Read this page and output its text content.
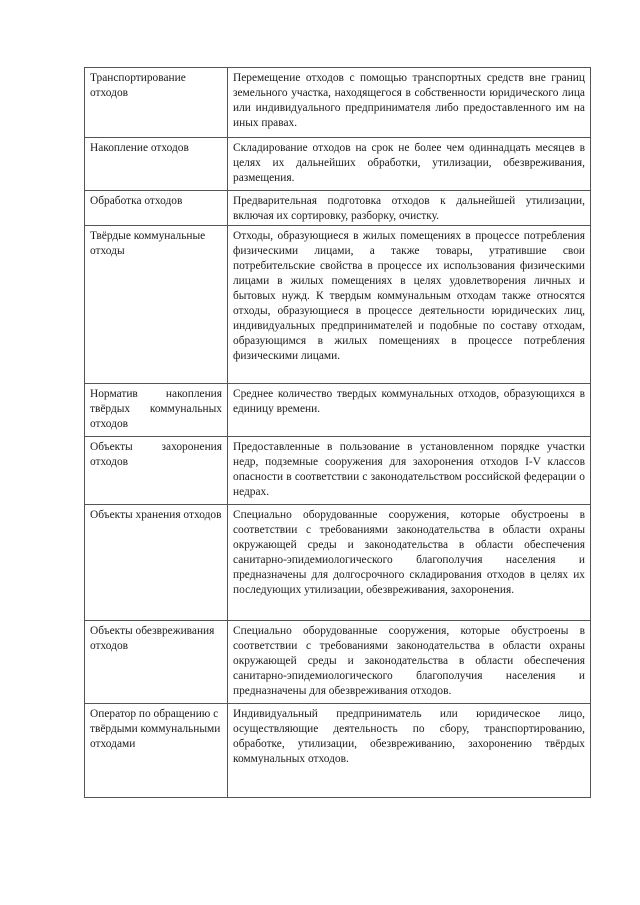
Транспортирование отходов	Перемещение отходов с помощью транспортных средств вне границ земельного участка, находящегося в собственности юридического лица или индивидуального предпринимателя либо предоставленного им на иных правах.
Накопление отходов	Складирование отходов на срок не более чем одиннадцать месяцев в целях их дальнейших обработки, утилизации, обезвреживания, размещения.
Обработка отходов	Предварительная подготовка отходов к дальнейшей утилизации, включая их сортировку, разборку, очистку.

Твёрдые коммунальные отходы	Отходы, образующиеся в жилых помещениях в процессе потребления физическими лицами, а также товары, утратившие свои потребительские свойства в процессе их использования физическими лицами в жилых помещениях в целях удовлетворения личных и бытовых нужд. К твердым коммунальным отходам также относятся отходы, образующиеся в процессе деятельности юридических лиц, индивидуальных предпринимателей и подобные по составу отходам, образующимся в жилых помещениях в процессе потребления физическими лицами.
Норматив накопления твёрдых коммунальных отходов	Среднее количество твердых коммунальных отходов, образующихся в единицу времени.
Объекты захоронения отходов	Предоставленные в пользование в установленном порядке участки недр, подземные сооружения для захоронения отходов I-V классов опасности в соответствии с законодательством российской федерации о недрах.
Объекты хранения отходов	Специально оборудованные сооружения, которые обустроены в соответствии с требованиями законодательства в области охраны окружающей среды и законодательства в области обеспечения санитарно-эпидемиологического благополучия населения и предназначены для долгосрочного складирования отходов в целях их последующих утилизации, обезвреживания, захоронения.
Объекты обезвреживания отходов	Специально оборудованные сооружения, которые обустроены в соответствии с требованиями законодательства в области охраны окружающей среды и законодательства в области обеспечения санитарно-эпидемиологического благополучия населения и предназначены для обезвреживания отходов.
Оператор по обращению с твёрдыми коммунальными отходами	Индивидуальный предприниматель или юридическое лицо, осуществляющие деятельность по сбору, транспортированию, обработке, утилизации, обезвреживанию, захоронению твёрдых коммунальных отходов.
